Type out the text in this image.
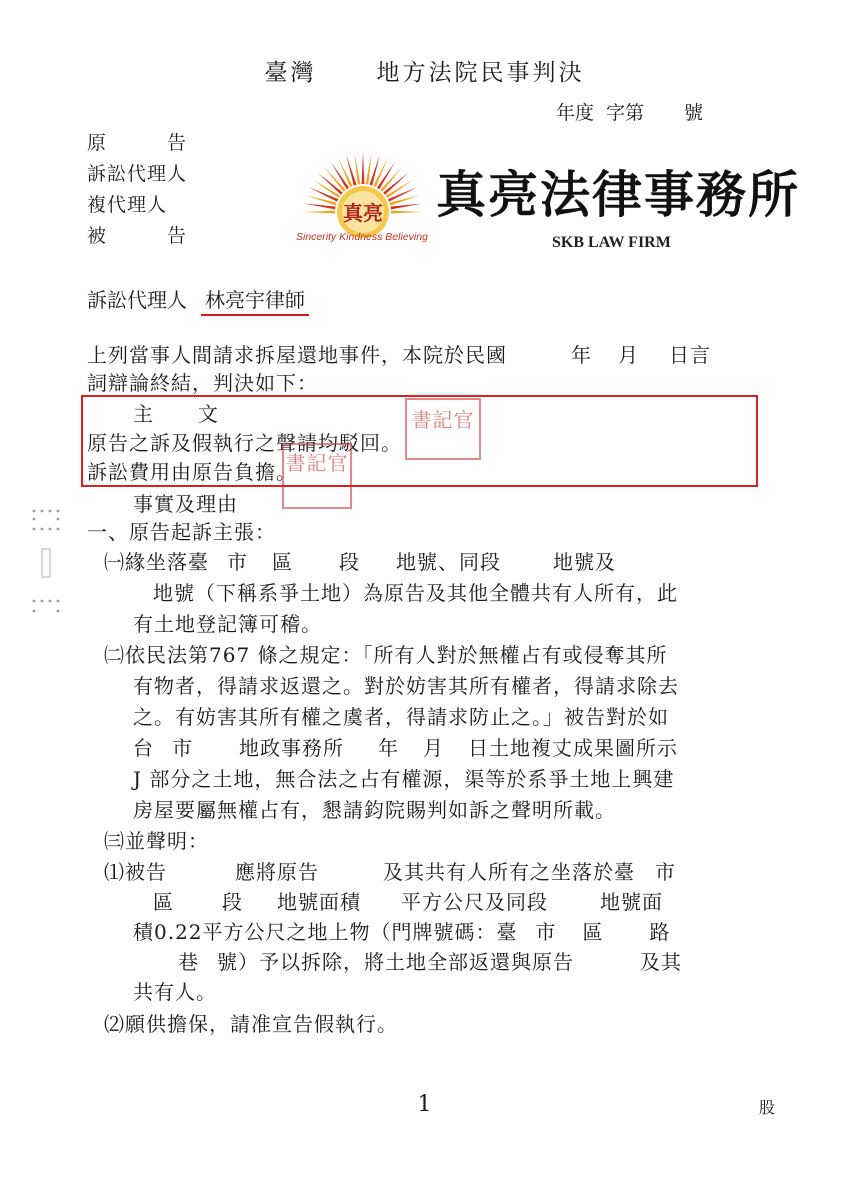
臺灣	地方法院民事判決
年度 字第 號
原　　　告
訴訟代理人
複代理人
被　　　告
真亮
Sincerity Kindness Believing
真亮法律事務所
SKB LAW FIRM
訴訟代理人 林亮宇律師
上列當事人間請求拆屋還地事件，本院於民國	年 月 日言
詞辯論終結，判決如下：
主 文
原告之訴及假執行之聲請均駁回。
訴訟費用由原告負擔。
書記官
書記官
事實及理由
一、原告起訴主張：
㈠緣坐落臺 市 區 段 地號、同段	地號及
地號（下稱系爭土地）為原告及其他全體共有人所有，此
有土地登記簿可稽。
㈡依民法第767 條之規定：「所有人對於無權占有或侵奪其所
有物者，得請求返還之。對於妨害其所有權者，得請求除去
之。有妨害其所有權之虞者，得請求防止之。」被告對於如
台 市 地政事務所 年 月 日土地複丈成果圖所示
J 部分之土地，無合法之占有權源，渠等於系爭土地上興建
房屋要屬無權占有，懇請鈞院賜判如訴之聲明所載。
㈢並聲明：
⑴被告	應將原告	及其共有人所有之坐落於臺 市
區 段 地號面積 平方公尺及同段	地號面
積0.22平方公尺之地上物（門牌號碼：臺 市 區 路
巷 號）予以拆除，將土地全部返還與原告	及其
共有人。
⑵願供擔保，請准宣告假執行。
1	股
